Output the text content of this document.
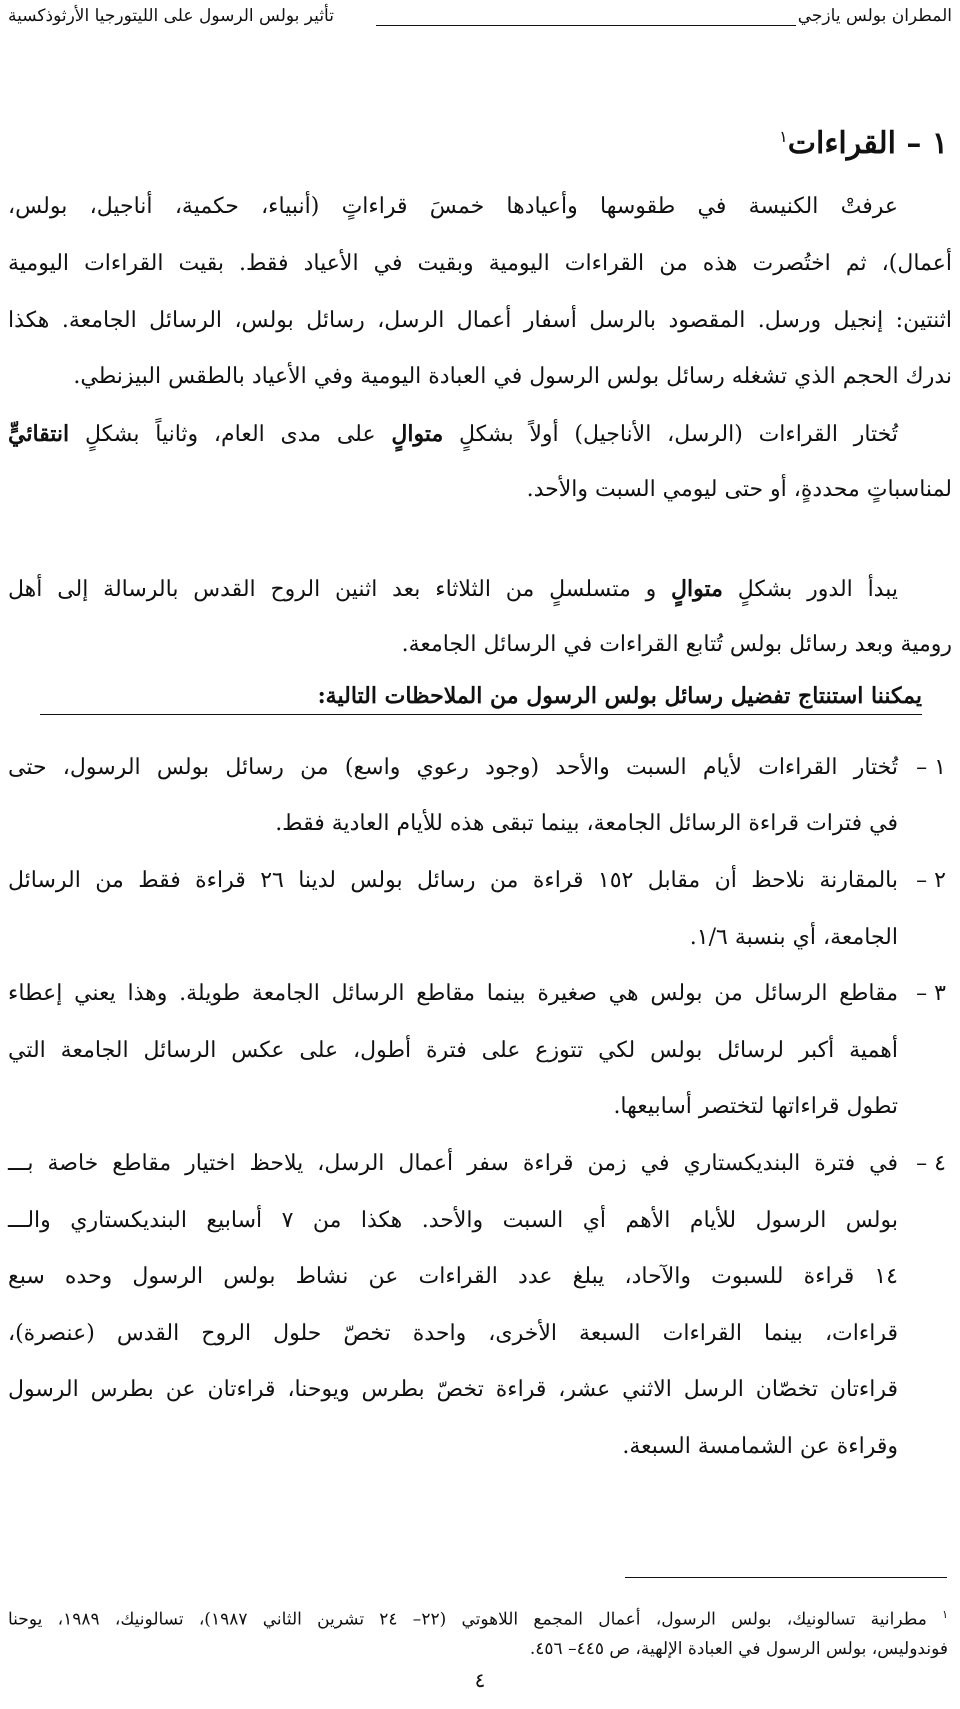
المطران بولس يازجي
تأثير بولس الرسول على الليتورجيا الأرثوذكسية
١ – القراءات$^١$
عرفتْ الكنيسة في طقوسها وأعيادها خمسَ قراءاتٍ (أنبياء، حكمية، أناجيل، بولس،
أعمال)، ثم اختُصرت هذه من القراءات اليومية وبقيت في الأعياد فقط. بقيت القراءات اليومية
اثنتين: إنجيل ورسل. المقصود بالرسل أسفار أعمال الرسل، رسائل بولس، الرسائل الجامعة. هكذا
ندرك الحجم الذي تشغله رسائل بولس الرسول في العبادة اليومية وفي الأعياد بالطقس البيزنطي.
تُختار القراءات (الرسل، الأناجيل) أولاً بشكلٍ متوالٍ على مدى العام، وثانياً بشكلٍ انتقائيٍّ
لمناسباتٍ محددةٍ، أو حتى ليومي السبت والأحد.
يبدأ الدور بشكلٍ متوالٍ و متسلسلٍ من الثلاثاء بعد اثنين الروح القدس بالرسالة إلى أهل
رومية وبعد رسائل بولس تُتابع القراءات في الرسائل الجامعة.
يمكننا استنتاج تفضيل رسائل بولس الرسول من الملاحظات التالية:
١ –
تُختار القراءات لأيام السبت والأحد (وجود رعوي واسع) من رسائل بولس الرسول، حتى
في فترات قراءة الرسائل الجامعة، بينما تبقى هذه للأيام العادية فقط.
٢ –
بالمقارنة نلاحظ أن مقابل ١٥٢ قراءة من رسائل بولس لدينا ٢٦ قراءة فقط من الرسائل
الجامعة، أي بنسبة ١/٦.
٣ –
مقاطع الرسائل من بولس هي صغيرة بينما مقاطع الرسائل الجامعة طويلة. وهذا يعني إعطاء
أهمية أكبر لرسائل بولس لكي تتوزع على فترة أطول، على عكس الرسائل الجامعة التي
تطول قراءاتها لتختصر أسابيعها.
٤ –
في فترة البنديكستاري في زمن قراءة سفر أعمال الرسل، يلاحظ اختيار مقاطع خاصة بـــ
بولس الرسول للأيام الأهم أي السبت والأحد. هكذا من ٧ أسابيع البنديكستاري والـــ
١٤ قراءة للسبوت والآحاد، يبلغ عدد القراءات عن نشاط بولس الرسول وحده سبع
قراءات، بينما القراءات السبعة الأخرى، واحدة تخصّ حلول الروح القدس (عنصرة)،
قراءتان تخصّان الرسل الاثني عشر، قراءة تخصّ بطرس ويوحنا، قراءتان عن بطرس الرسول
وقراءة عن الشمامسة السبعة.
$^١$ مطرانية تسالونيك، بولس الرسول، أعمال المجمع اللاهوتي (٢٢– ٢٤ تشرين الثاني ١٩٨٧)، تسالونيك، ١٩٨٩، يوحنا
فوندوليس، بولس الرسول في العبادة الإلهية، ص ٤٤٥– ٤٥٦.
٤
